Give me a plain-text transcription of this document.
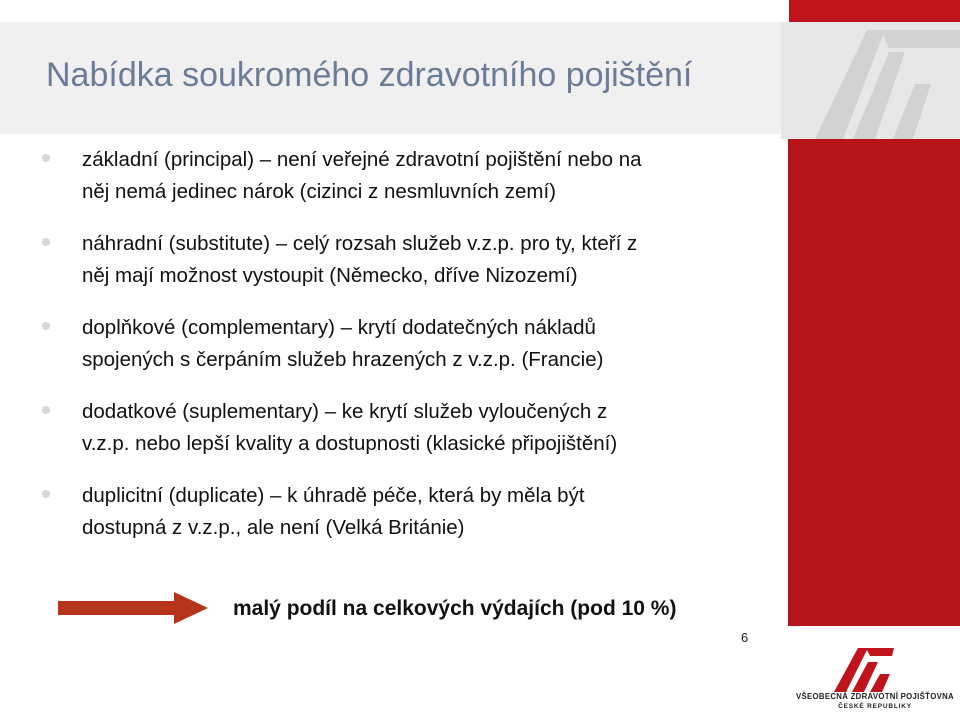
Nabídka soukromého zdravotního pojištění
základní (principal) – není veřejné zdravotní pojištění nebo na
něj nemá jedinec nárok (cizinci z nesmluvních zemí)
náhradní (substitute) – celý rozsah služeb v.z.p. pro ty, kteří z
něj mají možnost vystoupit (Německo, dříve Nizozemí)
doplňkové (complementary) – krytí dodatečných nákladů
spojených s čerpáním služeb hrazených z v.z.p. (Francie)
dodatkové (suplementary) – ke krytí služeb vyloučených z
v.z.p. nebo lepší kvality a dostupnosti (klasické připojištění)
duplicitní (duplicate) – k úhradě péče, která by měla být
dostupná z v.z.p., ale není (Velká Británie)
malý podíl na celkových výdajích (pod 10 %)
6
VŠEOBECNÁ ZDRAVOTNÍ POJIŠŤOVNA
ČESKÉ REPUBLIKY
